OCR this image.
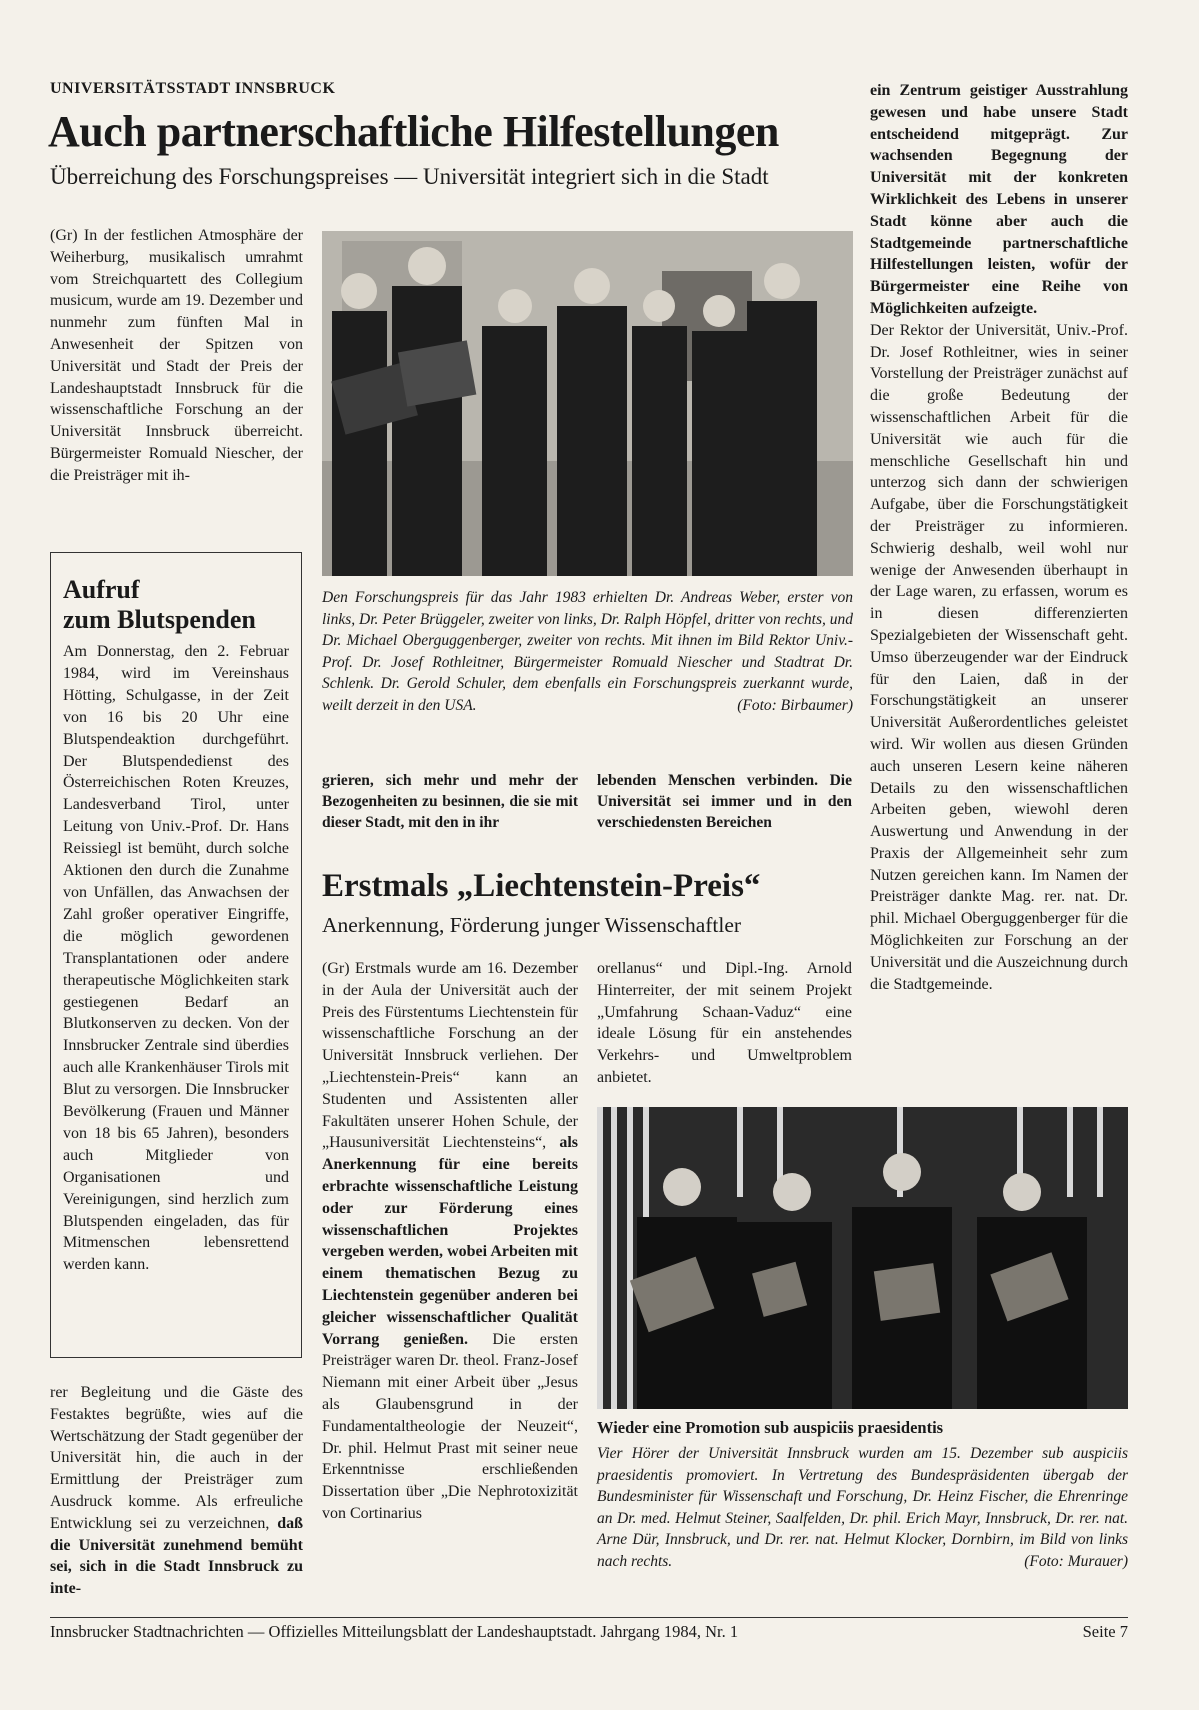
UNIVERSITÄTSSTADT INNSBRUCK
Auch partnerschaftliche Hilfestellungen
Überreichung des Forschungspreises — Universität integriert sich in die Stadt

(Gr) In der festlichen Atmosphäre der Weiherburg, musikalisch umrahmt vom Streichquartett des Collegium musicum, wurde am 19. Dezember und nunmehr zum fünften Mal in Anwesenheit der Spitzen von Universität und Stadt der Preis der Landeshauptstadt Innsbruck für die wissenschaftliche Forschung an der Universität Innsbruck überreicht. Bürgermeister Romuald Niescher, der die Preisträger mit ih-

Aufruf
zum Blutspenden
Am Donnerstag, den 2. Februar 1984, wird im Vereinshaus Hötting, Schulgasse, in der Zeit von 16 bis 20 Uhr eine Blutspendeaktion durchgeführt. Der Blutspendedienst des Österreichischen Roten Kreuzes, Landesverband Tirol, unter Leitung von Univ.-Prof. Dr. Hans Reissiegl ist bemüht, durch solche Aktionen den durch die Zunahme von Unfällen, das Anwachsen der Zahl großer operativer Eingriffe, die möglich gewordenen Transplantationen oder andere therapeutische Möglichkeiten stark gestiegenen Bedarf an Blutkonserven zu decken. Von der Innsbrucker Zentrale sind überdies auch alle Krankenhäuser Tirols mit Blut zu versorgen. Die Innsbrucker Bevölkerung (Frauen und Männer von 18 bis 65 Jahren), besonders auch Mitglieder von Organisationen und Vereinigungen, sind herzlich zum Blutspenden eingeladen, das für Mitmenschen lebensrettend werden kann.

rer Begleitung und die Gäste des Festaktes begrüßte, wies auf die Wertschätzung der Stadt gegenüber der Universität hin, die auch in der Ermittlung der Preisträger zum Ausdruck komme. Als erfreuliche Entwicklung sei zu verzeichnen, daß die Universität zunehmend bemüht sei, sich in die Stadt Innsbruck zu inte-

Den Forschungspreis für das Jahr 1983 erhielten Dr. Andreas Weber, erster von links, Dr. Peter Brüggeler, zweiter von links, Dr. Ralph Höpfel, dritter von rechts, und Dr. Michael Oberguggenberger, zweiter von rechts. Mit ihnen im Bild Rektor Univ.-Prof. Dr. Josef Rothleitner, Bürgermeister Romuald Niescher und Stadtrat Dr. Schlenk. Dr. Gerold Schuler, dem ebenfalls ein Forschungspreis zuerkannt wurde, weilt derzeit in den USA.	(Foto: Birbaumer)

ein Zentrum geistiger Ausstrahlung gewesen und habe unsere Stadt entscheidend mitgeprägt. Zur wachsenden Begegnung der Universität mit der konkreten Wirklichkeit des Lebens in unserer Stadt könne aber auch die Stadtgemeinde partnerschaftliche Hilfestellungen leisten, wofür der Bürgermeister eine Reihe von Möglichkeiten aufzeigte.

Der Rektor der Universität, Univ.-Prof. Dr. Josef Rothleitner, wies in seiner Vorstellung der Preisträger zunächst auf die große Bedeutung der wissenschaftlichen Arbeit für die Universität wie auch für die menschliche Gesellschaft hin und unterzog sich dann der schwierigen Aufgabe, über die Forschungstätigkeit der Preisträger zu informieren. Schwierig deshalb, weil wohl nur wenige der Anwesenden überhaupt in der Lage waren, zu erfassen, worum es in diesen differenzierten Spezialgebieten der Wissenschaft geht. Umso überzeugender war der Eindruck für den Laien, daß in der Forschungstätigkeit an unserer Universität Außerordentliches geleistet wird. Wir wollen aus diesen Gründen auch unseren Lesern keine näheren Details zu den wissenschaftlichen Arbeiten geben, wiewohl deren Auswertung und Anwendung in der Praxis der Allgemeinheit sehr zum Nutzen gereichen kann. Im Namen der Preisträger dankte Mag. rer. nat. Dr. phil. Michael Oberguggenberger für die Möglichkeiten zur Forschung an der Universität und die Auszeichnung durch die Stadtgemeinde.

grieren, sich mehr und mehr der Bezogenheiten zu besinnen, die sie mit dieser Stadt, mit den in ihr
lebenden Menschen verbinden. Die Universität sei immer und in den verschiedensten Bereichen
Erstmals „Liechtenstein-Preis“
Anerkennung, Förderung junger Wissenschaftler

(Gr) Erstmals wurde am 16. Dezember in der Aula der Universität auch der Preis des Fürstentums Liechtenstein für wissenschaftliche Forschung an der Universität Innsbruck verliehen. Der „Liechtenstein-Preis“ kann an Studenten und Assistenten aller Fakultäten unserer Hohen Schule, der „Hausuniversität Liechtensteins“, als Anerkennung für eine bereits erbrachte wissenschaftliche Leistung oder zur Förderung eines wissenschaftlichen Projektes vergeben werden, wobei Arbeiten mit einem thematischen Bezug zu Liechtenstein gegenüber anderen bei gleicher wissenschaftlicher Qualität Vorrang genießen. Die ersten Preisträger waren Dr. theol. Franz-Josef Niemann mit einer Arbeit über „Jesus als Glaubensgrund in der Fundamentaltheologie der Neuzeit“, Dr. phil. Helmut Prast mit seiner neue Erkenntnisse erschließenden Dissertation über „Die Nephrotoxizität von Cortinarius

orellanus“ und Dipl.-Ing. Arnold Hinterreiter, der mit seinem Projekt „Umfahrung Schaan-Vaduz“ eine ideale Lösung für ein anstehendes Verkehrs- und Umweltproblem anbietet.

Wieder eine Promotion sub auspiciis praesidentis
Vier Hörer der Universität Innsbruck wurden am 15. Dezember sub auspiciis praesidentis promoviert. In Vertretung des Bundespräsidenten übergab der Bundesminister für Wissenschaft und Forschung, Dr. Heinz Fischer, die Ehrenringe an Dr. med. Helmut Steiner, Saalfelden, Dr. phil. Erich Mayr, Innsbruck, Dr. rer. nat. Arne Dür, Innsbruck, und Dr. rer. nat. Helmut Klocker, Dornbirn, im Bild von links nach rechts.	(Foto: Murauer)
Innsbrucker Stadtnachrichten — Offizielles Mitteilungsblatt der Landeshauptstadt. Jahrgang 1984, Nr. 1	Seite 7
